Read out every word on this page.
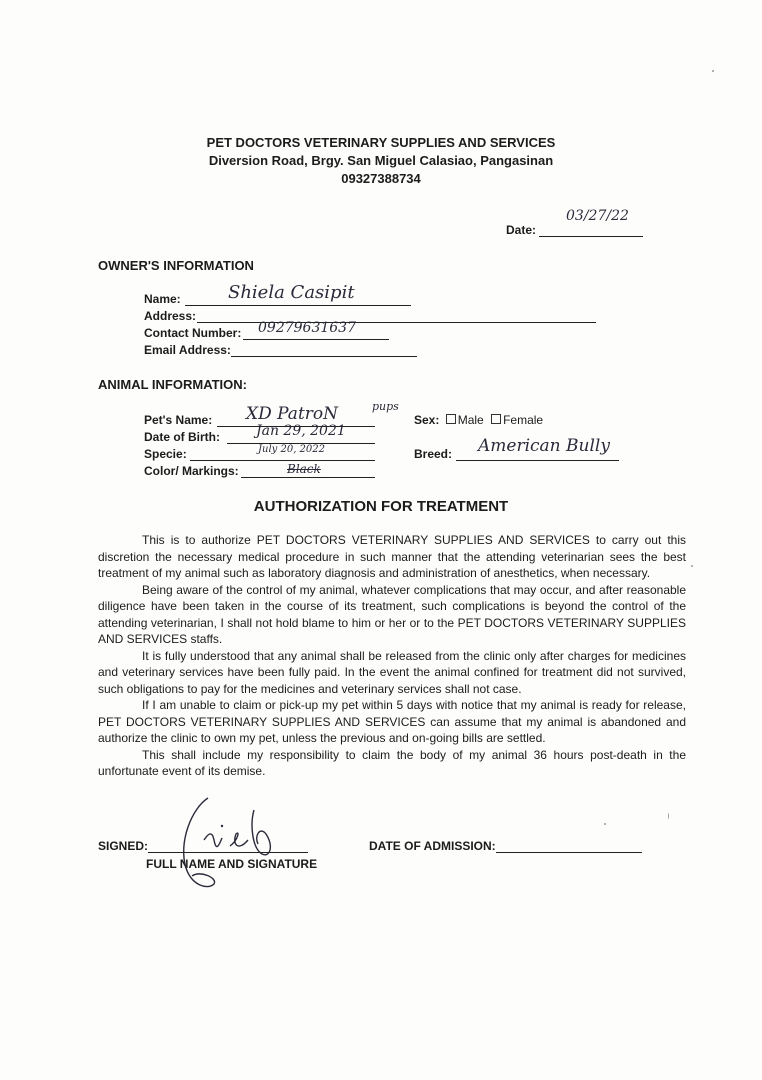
PET DOCTORS VETERINARY SUPPLIES AND SERVICES
Diversion Road, Brgy. San Miguel Calasiao, Pangasinan
09327388734
Date:
03/27/22
OWNER'S INFORMATION
Name:	Shiela Casipit
Address:
Contact Number: 09279631637
Email Address:
ANIMAL INFORMATION:
Pet's Name: XD PatroN	pups
Date of Birth:	Jan 29, 2021
Specie:	July 20, 2022
Color/ Markings:	Black
Sex: Male Female
Breed: American Bully
AUTHORIZATION FOR TREATMENT

This is to authorize PET DOCTORS VETERINARY SUPPLIES AND SERVICES to carry out this discretion the necessary medical procedure in such manner that the attending veterinarian sees the best treatment of my animal such as laboratory diagnosis and administration of anesthetics, when necessary.

Being aware of the control of my animal, whatever complications that may occur, and after reasonable diligence have been taken in the course of its treatment, such complications is beyond the control of the attending veterinarian, I shall not hold blame to him or her or to the PET DOCTORS VETERINARY SUPPLIES AND SERVICES staffs.

It is fully understood that any animal shall be released from the clinic only after charges for medicines and veterinary services have been fully paid. In the event the animal confined for treatment did not survived, such obligations to pay for the medicines and veterinary services shall not case.

If I am unable to claim or pick-up my pet within 5 days with notice that my animal is ready for release, PET DOCTORS VETERINARY SUPPLIES AND SERVICES can assume that my animal is abandoned and authorize the clinic to own my pet, unless the previous and on-going bills are settled.

This shall include my responsibility to claim the body of my animal 36 hours post-death in the unfortunate event of its demise.

SIGNED:
FULL NAME AND SIGNATURE
DATE OF ADMISSION:
